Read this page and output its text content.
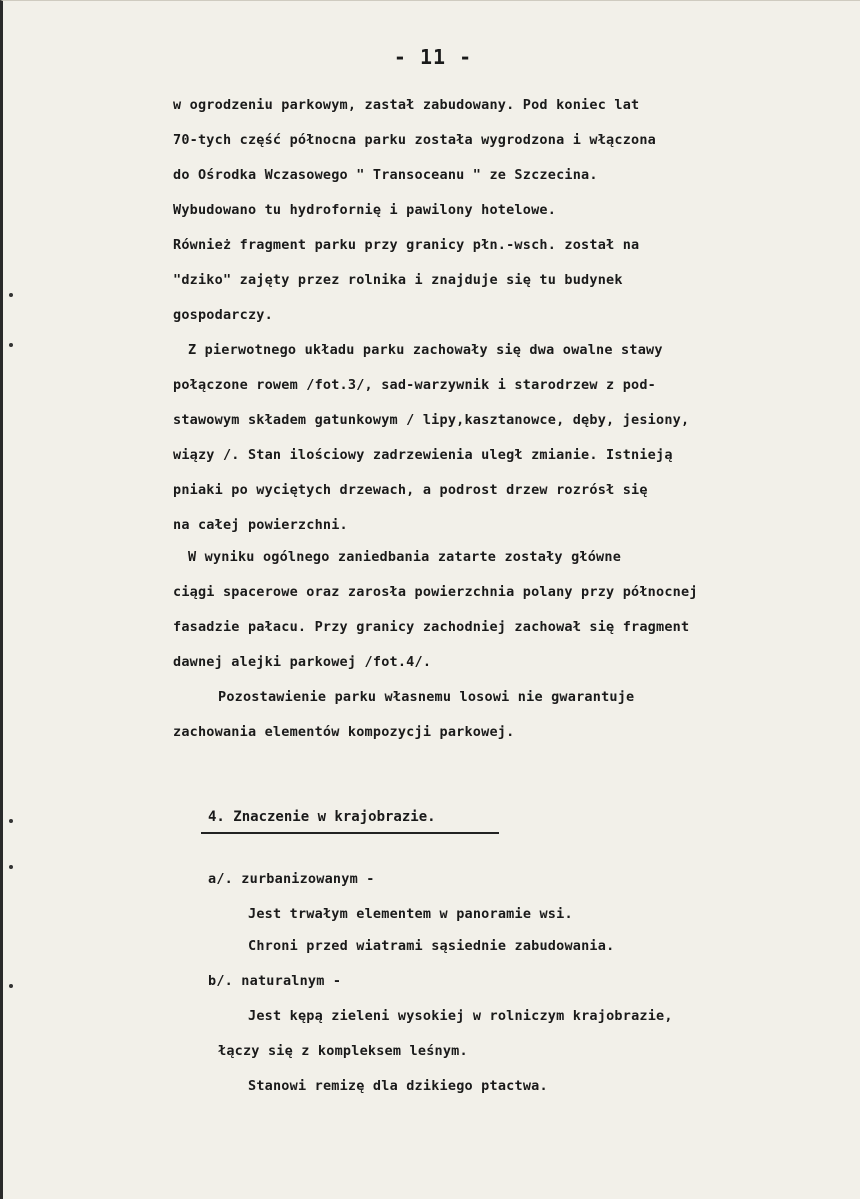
- 11 -
w ogrodzeniu parkowym, zastał zabudowany. Pod koniec lat
70-tych część północna parku została wygrodzona i włączona
do Ośrodka Wczasowego " Transoceanu " ze Szczecina.
Wybudowano tu hydrofornię i pawilony hotelowe.
Również fragment parku przy granicy płn.-wsch. został na
"dziko" zajęty przez rolnika i znajduje się tu budynek
gospodarczy.
Z pierwotnego układu parku zachowały się dwa owalne stawy
połączone rowem /fot.3/, sad-warzywnik i starodrzew z pod-
stawowym składem gatunkowym / lipy,kasztanowce, dęby, jesiony,
wiązy /. Stan ilościowy zadrzewienia uległ zmianie. Istnieją
pniaki po wyciętych drzewach, a podrost drzew rozrósł się
na całej powierzchni.
W wyniku ogólnego zaniedbania zatarte zostały główne
ciągi spacerowe oraz zarosła powierzchnia polany przy północnej
fasadzie pałacu. Przy granicy zachodniej zachował się fragment
dawnej alejki parkowej /fot.4/.
Pozostawienie parku własnemu losowi nie gwarantuje
zachowania elementów kompozycji parkowej.
4. Znaczenie w krajobrazie.
a/. zurbanizowanym -
Jest trwałym elementem w panoramie wsi.
Chroni przed wiatrami sąsiednie zabudowania.
b/. naturalnym -
Jest kępą zieleni wysokiej w rolniczym krajobrazie,
łączy się z kompleksem leśnym.
Stanowi remizę dla dzikiego ptactwa.
